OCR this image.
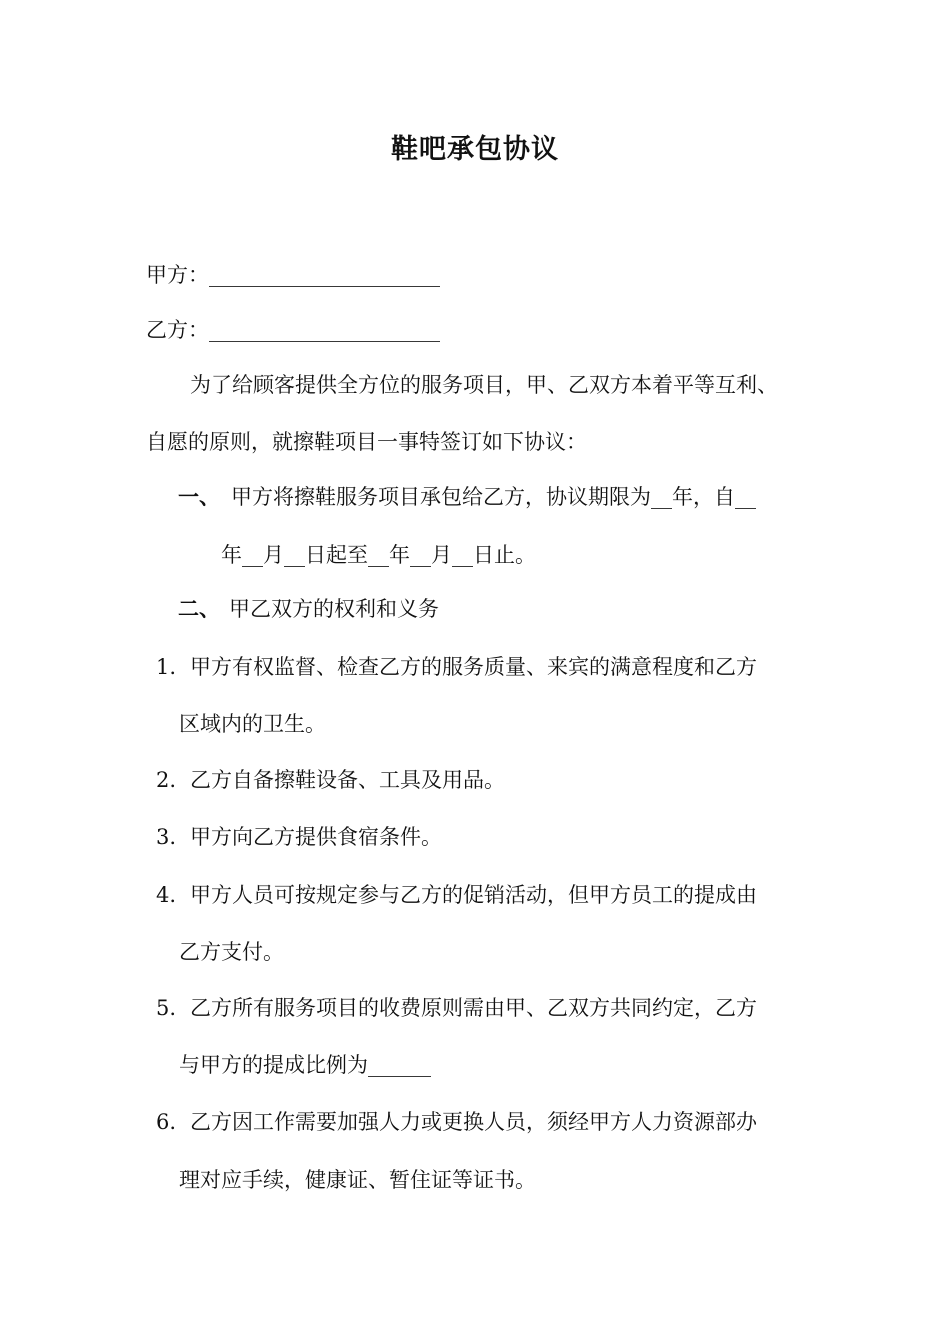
鞋吧承包协议
甲方：______________________
乙方：______________________
为了给顾客提供全方位的服务项目，甲、乙双方本着平等互利、
自愿的原则，就擦鞋项目一事特签订如下协议：
一、 甲方将擦鞋服务项目承包给乙方，协议期限为__年，自__
年__月__日起至__年__月__日止。
二、 甲乙双方的权利和义务
1. 甲方有权监督、检查乙方的服务质量、来宾的满意程度和乙方
区域内的卫生。
2. 乙方自备擦鞋设备、工具及用品。
3. 甲方向乙方提供食宿条件。
4. 甲方人员可按规定参与乙方的促销活动，但甲方员工的提成由
乙方支付。
5. 乙方所有服务项目的收费原则需由甲、乙双方共同约定，乙方
与甲方的提成比例为______
6. 乙方因工作需要加强人力或更换人员，须经甲方人力资源部办
理对应手续，健康证、暂住证等证书。
